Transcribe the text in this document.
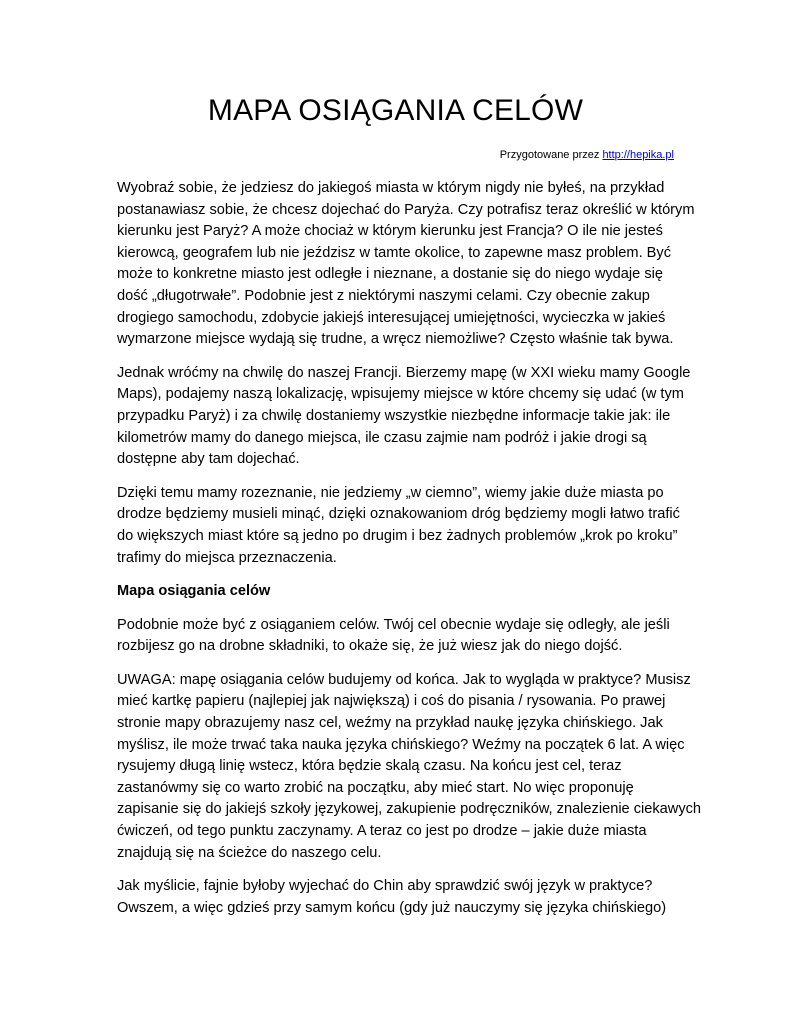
MAPA OSIĄGANIA CELÓW
Przygotowane przez http://hepika.pl

Wyobraź sobie, że jedziesz do jakiegoś miasta w którym nigdy nie byłeś, na przykład
postanawiasz sobie, że chcesz dojechać do Paryża. Czy potrafisz teraz określić w którym
kierunku jest Paryż? A może chociaż w którym kierunku jest Francja? O ile nie jesteś
kierowcą, geografem lub nie jeździsz w tamte okolice, to zapewne masz problem. Być
może to konkretne miasto jest odległe i nieznane, a dostanie się do niego wydaje się
dość „długotrwałe”. Podobnie jest z niektórymi naszymi celami. Czy obecnie zakup
drogiego samochodu, zdobycie jakiejś interesującej umiejętności, wycieczka w jakieś
wymarzone miejsce wydają się trudne, a wręcz niemożliwe? Często właśnie tak bywa.

Jednak wróćmy na chwilę do naszej Francji. Bierzemy mapę (w XXI wieku mamy Google
Maps), podajemy naszą lokalizację, wpisujemy miejsce w które chcemy się udać (w tym
przypadku Paryż) i za chwilę dostaniemy wszystkie niezbędne informacje takie jak: ile
kilometrów mamy do danego miejsca, ile czasu zajmie nam podróż i jakie drogi są
dostępne aby tam dojechać.

Dzięki temu mamy rozeznanie, nie jedziemy „w ciemno”, wiemy jakie duże miasta po
drodze będziemy musieli minąć, dzięki oznakowaniom dróg będziemy mogli łatwo trafić
do większych miast które są jedno po drugim i bez żadnych problemów „krok po kroku”
trafimy do miejsca przeznaczenia.

Mapa osiągania celów

Podobnie może być z osiąganiem celów. Twój cel obecnie wydaje się odległy, ale jeśli
rozbijesz go na drobne składniki, to okaże się, że już wiesz jak do niego dojść.

UWAGA: mapę osiągania celów budujemy od końca. Jak to wygląda w praktyce? Musisz
mieć kartkę papieru (najlepiej jak największą) i coś do pisania / rysowania. Po prawej
stronie mapy obrazujemy nasz cel, weźmy na przykład naukę języka chińskiego. Jak
myślisz, ile może trwać taka nauka języka chińskiego? Weźmy na początek 6 lat. A więc
rysujemy długą linię wstecz, która będzie skalą czasu. Na końcu jest cel, teraz
zastanówmy się co warto zrobić na początku, aby mieć start. No więc proponuję
zapisanie się do jakiejś szkoły językowej, zakupienie podręczników, znalezienie ciekawych
ćwiczeń, od tego punktu zaczynamy. A teraz co jest po drodze – jakie duże miasta
znajdują się na ścieżce do naszego celu.

Jak myślicie, fajnie byłoby wyjechać do Chin aby sprawdzić swój język w praktyce?
Owszem, a więc gdzieś przy samym końcu (gdy już nauczymy się języka chińskiego)
